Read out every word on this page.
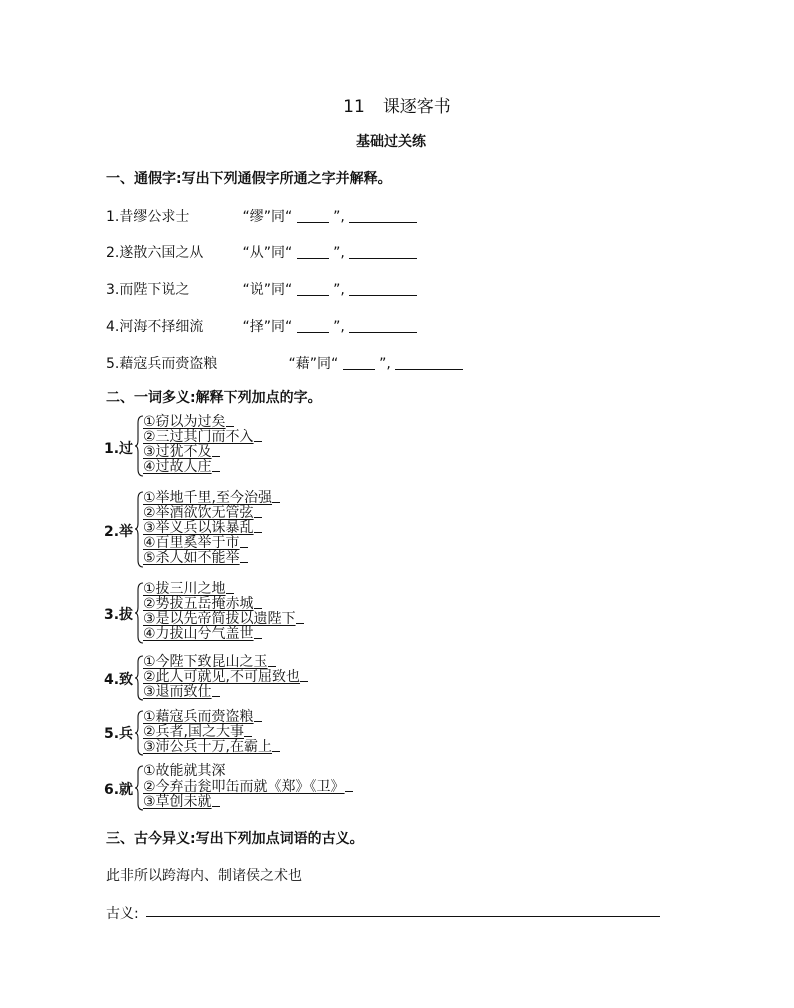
11 课逐客书
基础过关练
一、通假字:写出下列通假字所通之字并解释。
1.昔缪公求士	“缪”同“	”,
2.遂散六国之从	“从”同“	”,
3.而陛下说之	“说”同“	”,
4.河海不择细流	“择”同“	”,
5.藉寇兵而赍盗粮	“藉”同“	”,
二、一词多义:解释下列加点的字。
1.过
①窃以为过矣
②三过其门而不入
③过犹不及
④过故人庄
2.举
①举地千里,至今治强
②举酒欲饮无管弦
③举义兵以诛暴乱
④百里奚举于市
⑤杀人如不能举
3.拔
①拔三川之地
②势拔五岳掩赤城
③是以先帝简拔以遗陛下
④力拔山兮气盖世
4.致
①今陛下致昆山之玉
②此人可就见,不可屈致也
③退而致仕
5.兵
①藉寇兵而赍盗粮
②兵者,国之大事
③沛公兵十万,在霸上
6.就
①故能就其深
②今弃击瓮叩缶而就《郑》《卫》
③草创未就
三、古今异义:写出下列加点词语的古义。
此非所以跨海内、制诸侯之术也
古义:
